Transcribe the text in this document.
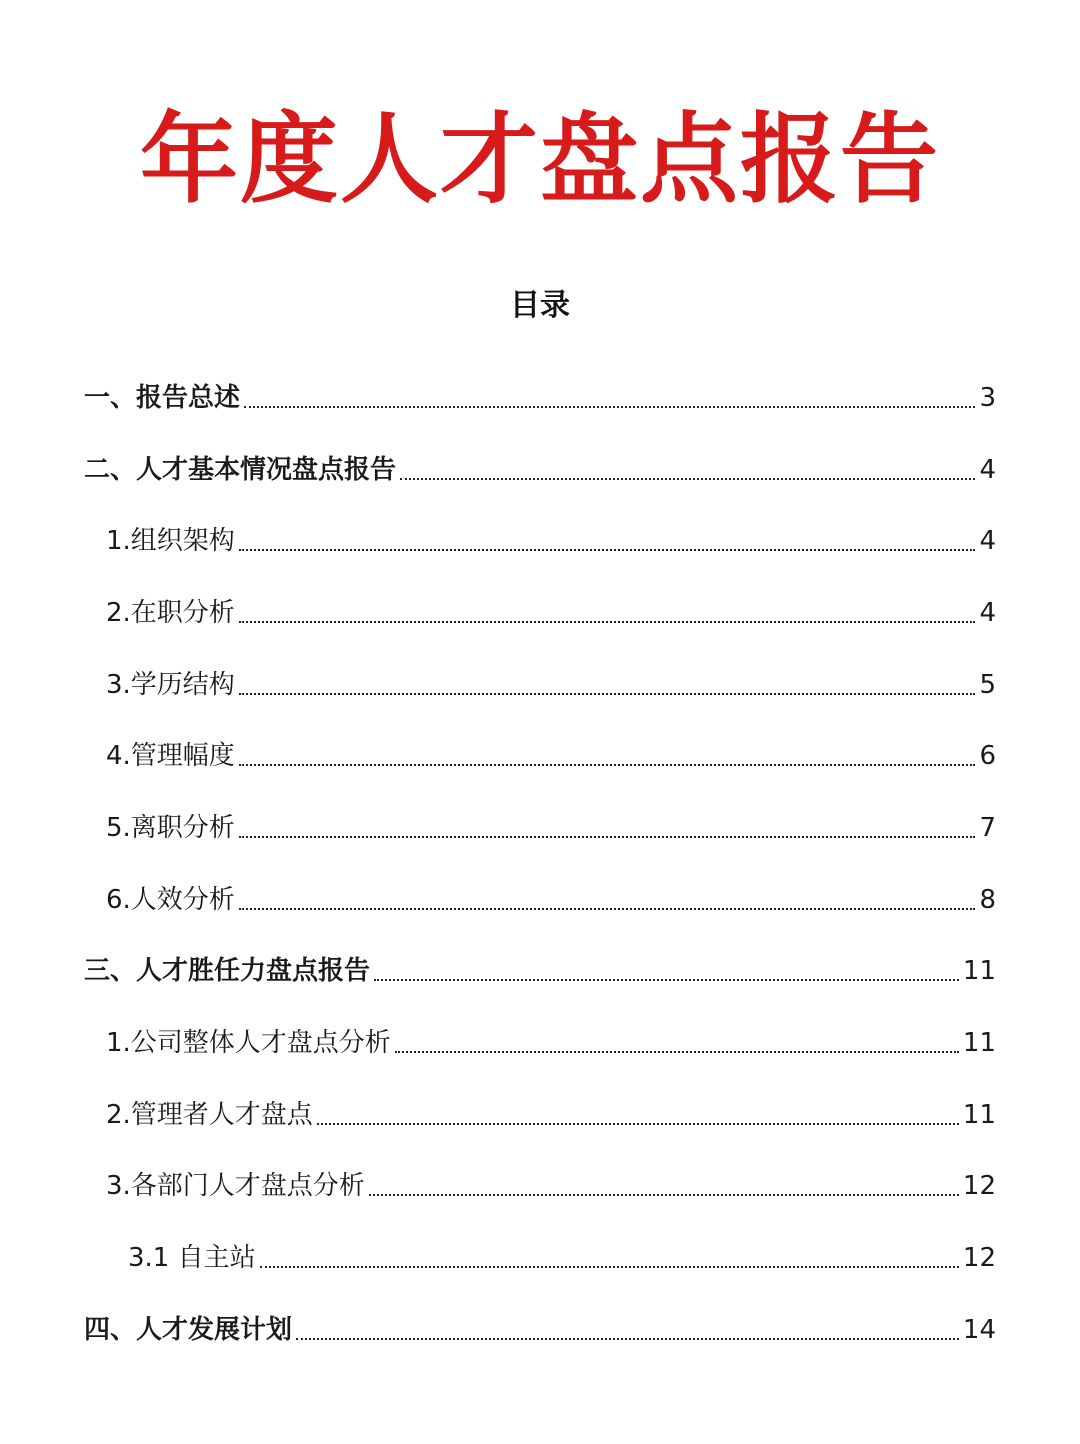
年度人才盘点报告
目录
一、报告总述	3
二、人才基本情况盘点报告	4
1.组织架构	4
2.在职分析	4
3.学历结构	5
4.管理幅度	6
5.离职分析	7
6.人效分析	8
三、人才胜任力盘点报告	11
1.公司整体人才盘点分析	11
2.管理者人才盘点	11
3.各部门人才盘点分析	12
3.1 自主站	12
四、人才发展计划	14
